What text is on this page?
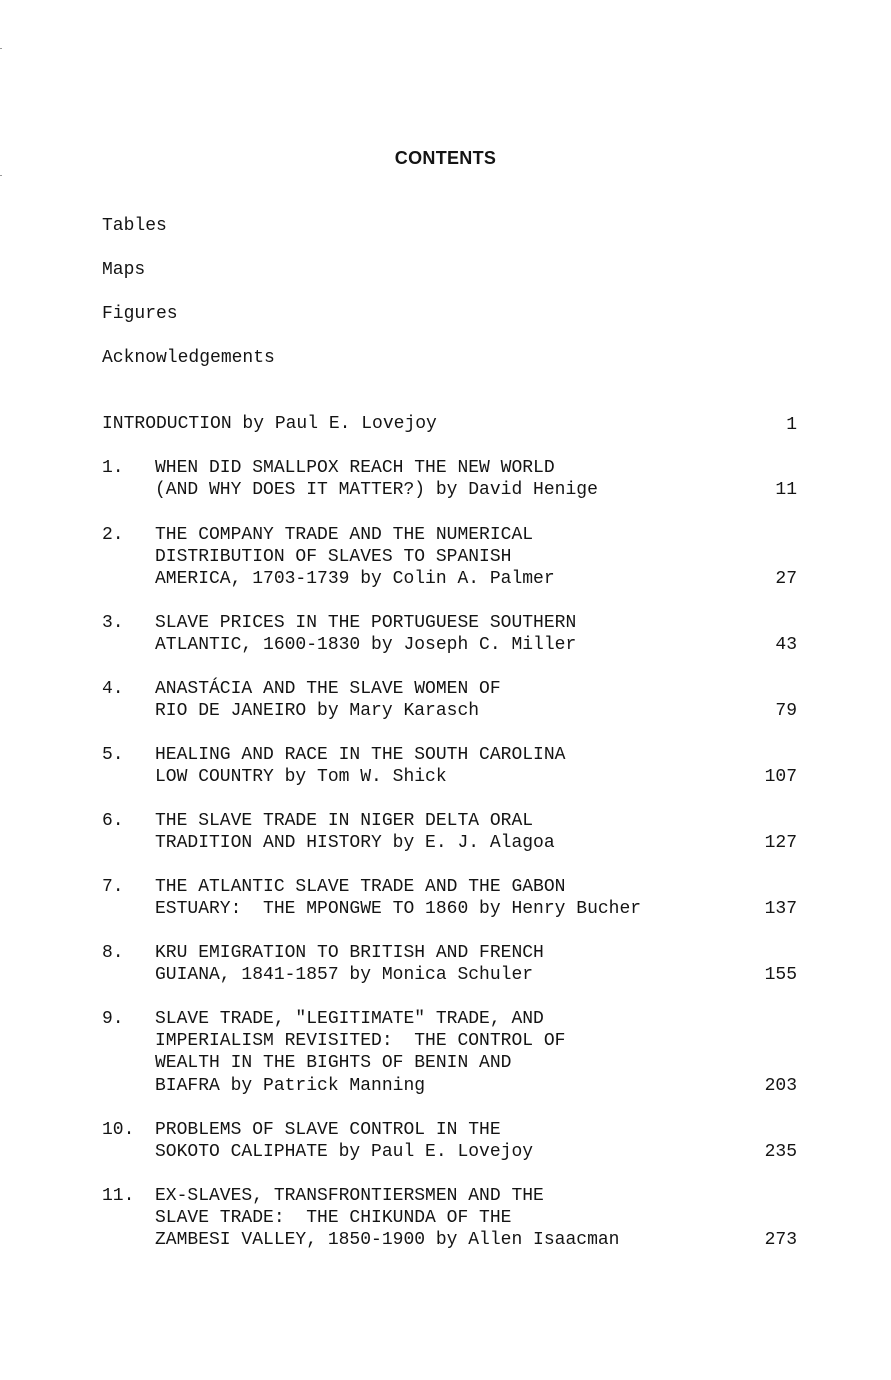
CONTENTS
Tables
Maps
Figures
Acknowledgements
INTRODUCTION by Paul E. Lovejoy	1
1. WHEN DID SMALLPOX REACH THE NEW WORLD
(AND WHY DOES IT MATTER?) by David Henige	11
2. THE COMPANY TRADE AND THE NUMERICAL
DISTRIBUTION OF SLAVES TO SPANISH
AMERICA, 1703-1739 by Colin A. Palmer	27
3. SLAVE PRICES IN THE PORTUGUESE SOUTHERN
ATLANTIC, 1600-1830 by Joseph C. Miller	43
4. ANASTÁCIA AND THE SLAVE WOMEN OF
RIO DE JANEIRO by Mary Karasch	79
5. HEALING AND RACE IN THE SOUTH CAROLINA
LOW COUNTRY by Tom W. Shick	107
6. THE SLAVE TRADE IN NIGER DELTA ORAL
TRADITION AND HISTORY by E. J. Alagoa	127
7. THE ATLANTIC SLAVE TRADE AND THE GABON
ESTUARY:  THE MPONGWE TO 1860 by Henry Bucher	137
8. KRU EMIGRATION TO BRITISH AND FRENCH
GUIANA, 1841-1857 by Monica Schuler	155
9. SLAVE TRADE, "LEGITIMATE" TRADE, AND
IMPERIALISM REVISITED:  THE CONTROL OF
WEALTH IN THE BIGHTS OF BENIN AND
BIAFRA by Patrick Manning	203
10. PROBLEMS OF SLAVE CONTROL IN THE
SOKOTO CALIPHATE by Paul E. Lovejoy	235
11. EX-SLAVES, TRANSFRONTIERSMEN AND THE
SLAVE TRADE:  THE CHIKUNDA OF THE
ZAMBESI VALLEY, 1850-1900 by Allen Isaacman	273
